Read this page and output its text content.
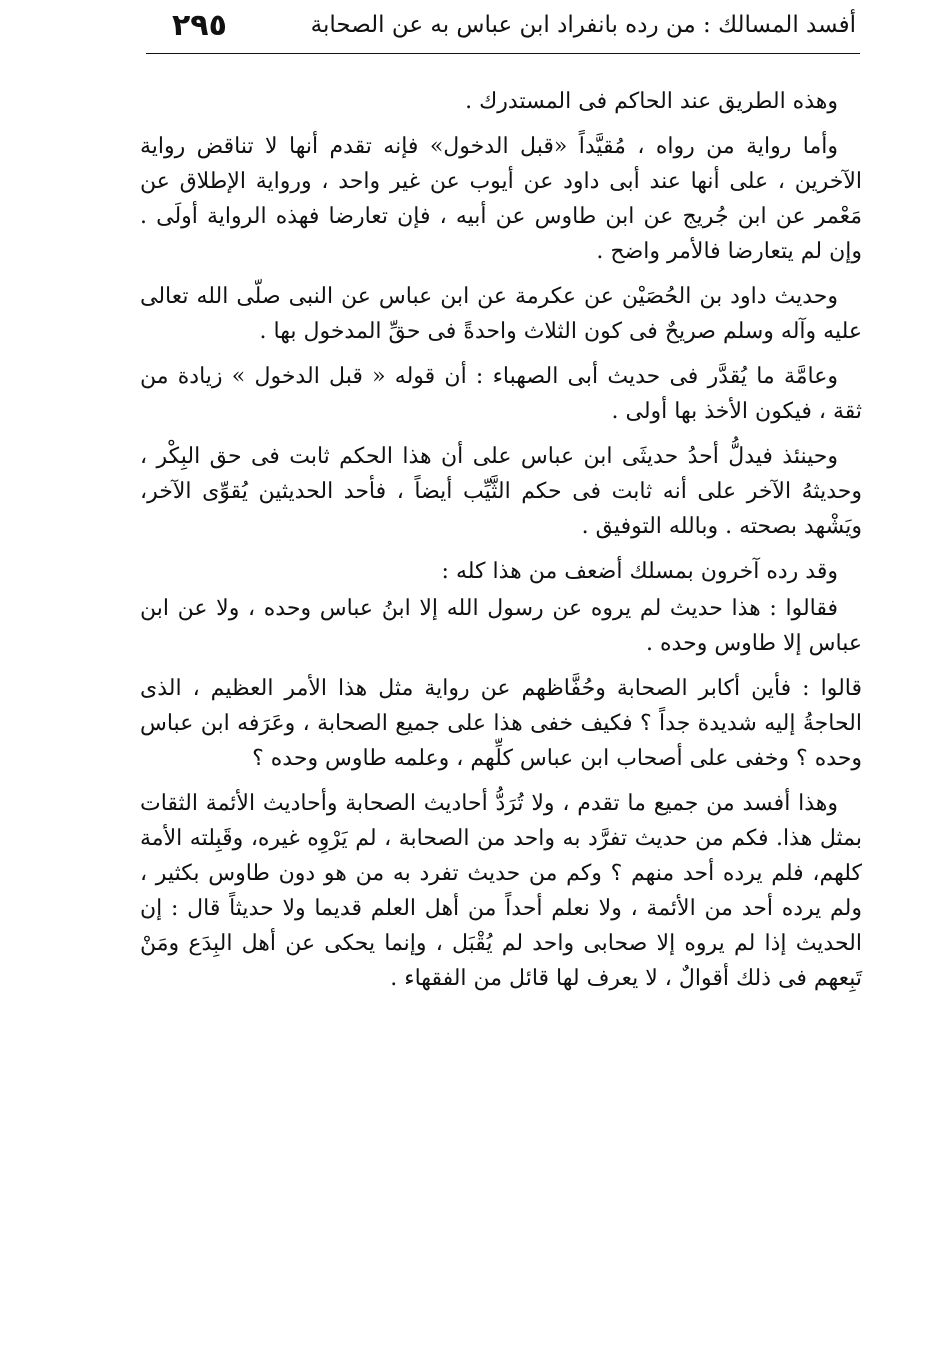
٢٩٥	أفسد المسالك : من رده بانفراد ابن عباس به عن الصحابة

وهذه الطريق عند الحاكم فى المستدرك .

وأما رواية من رواه ، مُقيَّداً «قبل الدخول» فإنه تقدم أنها لا تناقض رواية الآخرين ، على أنها عند أبى داود عن أيوب عن غير واحد ، ورواية الإطلاق عن مَعْمر عن ابن جُريج عن ابن طاوس عن أبيه ، فإن تعارضا فهذه الرواية أولَى . وإن لم يتعارضا فالأمر واضح .

وحديث داود بن الحُصَيْن عن عكرمة عن ابن عباس عن النبى صلّى الله تعالى عليه وآله وسلم صريحٌ فى كون الثلاث واحدةً فى حقِّ المدخول بها .

وعامَّة ما يُقدَّر فى حديث أبى الصهباء : أن قوله « قبل الدخول » زيادة من ثقة ، فيكون الأخذ بها أولى .

وحينئذ فيدلُّ أحدُ حديثَى ابن عباس على أن هذا الحكم ثابت فى حق البِكْر ، وحديثهُ الآخر على أنه ثابت فى حكم الثَّيِّب أيضاً ، فأحد الحديثين يُقوِّى الآخر، ويَشْهد بصحته . وبالله التوفيق .

وقد رده آخرون بمسلك أضعف من هذا كله :

فقالوا : هذا حديث لم يروه عن رسول الله إلا ابنُ عباس وحده ، ولا عن ابن عباس إلا طاوس وحده .

قالوا : فأين أكابر الصحابة وحُفَّاظهم عن رواية مثل هذا الأمر العظيم ، الذى الحاجةُ إليه شديدة جداً ؟ فكيف خفى هذا على جميع الصحابة ، وعَرَفه ابن عباس وحده ؟ وخفى على أصحاب ابن عباس كلِّهم ، وعلمه طاوس وحده ؟

وهذا أفسد من جميع ما تقدم ، ولا تُرَدُّ أحاديث الصحابة وأحاديث الأئمة الثقات بمثل هذا. فكم من حديث تفرَّد به واحد من الصحابة ، لم يَرْوِه غيره، وقَبِلته الأمة كلهم، فلم يرده أحد منهم ؟ وكم من حديث تفرد به من هو دون طاوس بكثير ، ولم يرده أحد من الأئمة ، ولا نعلم أحداً من أهل العلم قديما ولا حديثاً قال : إن الحديث إذا لم يروه إلا صحابى واحد لم يُقْبَل ، وإنما يحكى عن أهل البِدَع ومَنْ تَبِعهم فى ذلك أقوالٌ ، لا يعرف لها قائل من الفقهاء .
